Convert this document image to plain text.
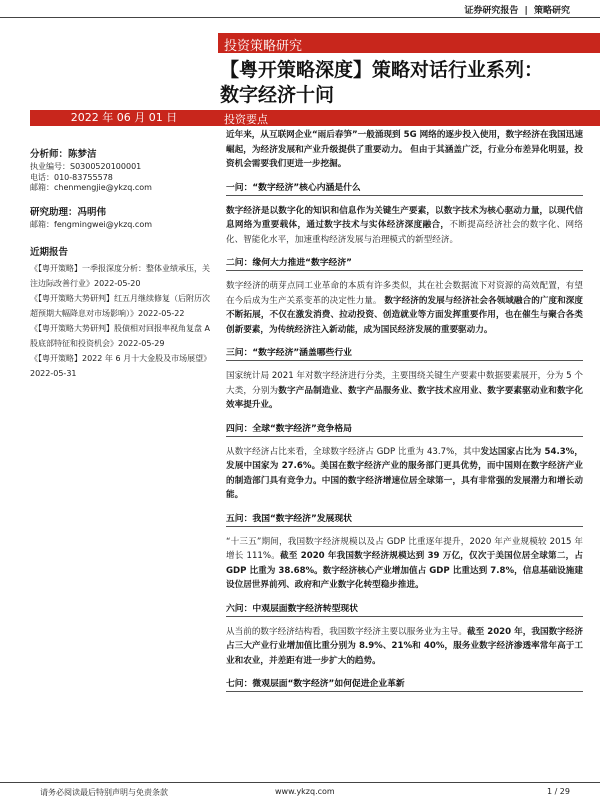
证券研究报告 | 策略研究
投资策略研究
【粤开策略深度】策略对话行业系列：
数字经济十问
2022 年 06 月 01 日	投资要点
分析师：陈梦洁
执业编号：S0300520100001
电话：010-83755578
邮箱：chenmengjie@ykzq.com
研究助理：冯明伟
邮箱：fengmingwei@ykzq.com
近期报告
《【粤开策略】一季报深度分析：整体业绩承压，关注边际改善行业》2022-05-20
《【粤开策略大势研判】红五月继续修复（后附历次超预期大幅降息对市场影响）》2022-05-22
《【粤开策略大势研判】股债相对回报率视角复盘 A 股底部特征和投资机会》2022-05-29
《【粤开策略】2022 年 6 月十大金股及市场展望》2022-05-31

近年来，从互联网企业“雨后春笋”一般涌现到 5G 网络的逐步投入使用，数字经济在我国迅速崛起，为经济发展和产业升级提供了重要动力。 但由于其涵盖广泛，行业分布差异化明显，投资机会需要我们更进一步挖掘。

一问：“数字经济”核心内涵是什么

数字经济是以数字化的知识和信息作为关键生产要素，以数字技术为核心驱动力量，以现代信息网络为重要载体，通过数字技术与实体经济深度融合，不断提高经济社会的数字化、网络化、智能化水平，加速重构经济发展与治理模式的新型经济。

二问：缘何大力推进“数字经济”

数字经济的萌芽点同工业革命的本质有许多类似，其在社会数据流下对资源的高效配置，有望在今后成为生产关系变革的决定性力量。 数字经济的发展与经济社会各领域融合的广度和深度不断拓展，不仅在激发消费、拉动投资、创造就业等方面发挥重要作用，也在催生与聚合各类创新要素，为传统经济注入新动能，成为国民经济发展的重要驱动力。

三问：“数字经济”涵盖哪些行业

国家统计局 2021 年对数字经济进行分类，主要围绕关键生产要素中数据要素展开，分为 5 个大类，分别为数字产品制造业、数字产品服务业、数字技术应用业、数字要素驱动业和数字化效率提升业。

四问：全球“数字经济”竞争格局

从数字经济占比来看，全球数字经济占 GDP 比重为 43.7%，其中发达国家占比为 54.3%，发展中国家为 27.6%。美国在数字经济产业的服务部门更具优势，而中国则在数字经济产业的制造部门具有竞争力。中国的数字经济增速位居全球第一，具有非常强的发展潜力和增长动能。

五问：我国“数字经济”发展现状

“十三五”期间，我国数字经济规模以及占 GDP 比重逐年提升，2020 年产业规模较 2015 年增长 111%。截至 2020 年我国数字经济规模达到 39 万亿，仅次于美国位居全球第二，占 GDP 比重为 38.68%。数字经济核心产业增加值占 GDP 比重达到 7.8%，信息基础设施建设位居世界前列、政府和产业数字化转型稳步推进。

六问：中观层面数字经济转型现状

从当前的数字经济结构看，我国数字经济主要以服务业为主导。截至 2020 年，我国数字经济占三大产业行业增加值比重分别为 8.9%、21%和 40%，服务业数字经济渗透率常年高于工业和农业，并差距有进一步扩大的趋势。

七问：微观层面“数字经济”如何促进企业革新
请务必阅读最后特别声明与免责条款	www.ykzq.com	1 / 29
